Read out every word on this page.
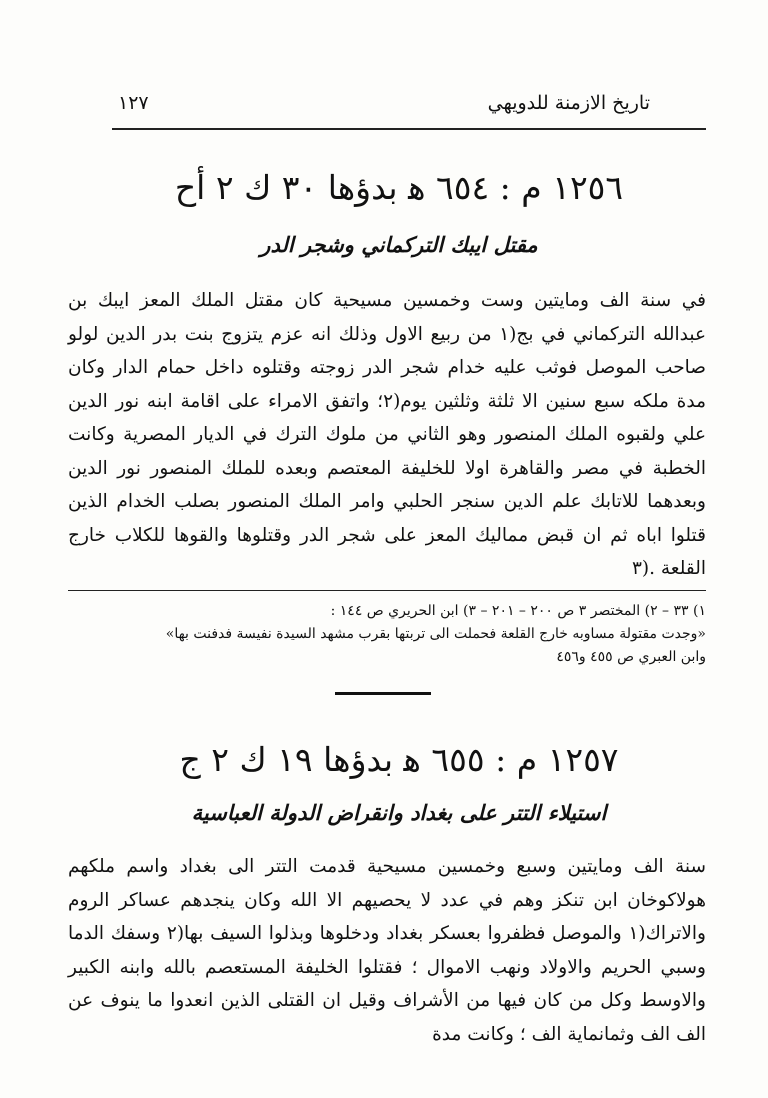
تاريخ الازمنة للدويهي
١٢٧
١٢٥٦ م : ٦٥٤ ﻫ بدؤها ٣٠ ك ٢ أح
مقتل ايبك التركماني وشجر الدر

في سنة الف ومايتين وست وخمسين مسيحية كان مقتل الملك المعز ايبك بن عبدالله التركماني في بج(١ من ربيع الاول وذلك انه عزم يتزوج بنت بدر الدين لولو صاحب الموصل فوثب عليه خدام شجر الدر زوجته وقتلوه داخل حمام الدار وكان مدة ملكه سبع سنين الا ثلثة وثلثين يوم(٢؛ واتفق الامراء على اقامة ابنه نور الدين علي ولقبوه الملك المنصور وهو الثاني من ملوك الترك في الديار المصرية وكانت الخطبة في مصر والقاهرة اولا للخليفة المعتصم وبعده للملك المنصور نور الدين وبعدهما للاتابك علم الدين سنجر الحلبي وامر الملك المنصور بصلب الخدام الذين قتلوا اباه ثم ان قبض مماليك المعز على شجر الدر وقتلوها والقوها للكلاب خارج القلعة .(٣

١) ٣٣ – ٢) المختصر ٣ ص ٢٠٠ – ٢٠١ – ٣) ابن الحريري ص ١٤٤ :

«وجدت مقتولة مساوبه خارج القلعة فحملت الى تربتها بقرب مشهد السيدة نفيسة فدفنت بها»

وابن العبري ص ٤٥٥ و٤٥٦

١٢٥٧ م : ٦٥٥ ﻫ بدؤها ١٩ ك ٢ ج
استيلاء التتر على بغداد وانقراض الدولة العباسية

سنة الف ومايتين وسبع وخمسين مسيحية قدمت التتر الى بغداد واسم ملكهم هولاكوخان ابن تنكز وهم في عدد لا يحصيهم الا الله وكان ينجدهم عساكر الروم والاتراك(١ والموصل فظفروا بعسكر بغداد ودخلوها وبذلوا السيف بها(٢ وسفك الدما وسبي الحريم والاولاد ونهب الاموال ؛ فقتلوا الخليفة المستعصم بالله وابنه الكبير والاوسط وكل من كان فيها من الأشراف وقيل ان القتلى الذين انعدوا ما ينوف عن الف الف وثمانماية الف ؛ وكانت مدة
